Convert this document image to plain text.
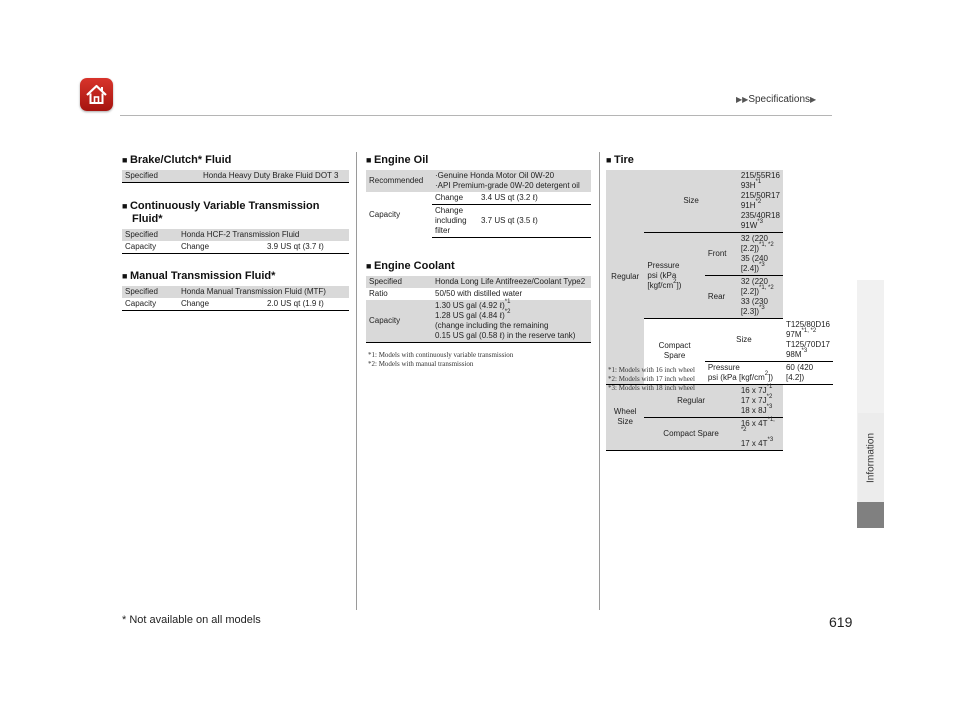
▶▶Specifications▶
Information
■ Brake/Clutch* Fluid
Specified	Honda Heavy Duty Brake Fluid DOT 3
■ Continuously Variable Transmission
Fluid*
Specified	Honda HCF-2 Transmission Fluid	
Capacity	Change	3.9 US qt (3.7 ℓ)
■ Manual Transmission Fluid*
Specified	Honda Manual Transmission Fluid (MTF)	
Capacity	Change	2.0 US qt (1.9 ℓ)
■ Engine Oil
Recommended	·Genuine Honda Motor Oil 0W-20
·API Premium-grade 0W-20 detergent oil	
Capacity	Change	3.4 US qt (3.2 ℓ)
	Change
including
filter	3.7 US qt (3.5 ℓ)
■ Engine Coolant
Specified	Honda Long Life Antifreeze/Coolant Type2
Ratio	50/50 with distilled water
Capacity	1.30 US gal (4.92 ℓ)$^{*1}$
1.28 US gal (4.84 ℓ)$^{*2}$
(change including the remaining
0.15 US gal (0.58 ℓ) in the reserve tank)
*1: Models with continuously variable transmission
*2: Models with manual transmission
■ Tire
Regular	Size		215/55R16 $93H^{*1}$
215/50R17 $91H^{*2}$
235/40R18 $91W^{*3}$
	Pressure
psi (kPa $[kgf/cm^2]$)	Front	32 (220 [2.2])$^{*1, *2}$
35 (240 [2.4])$^{*3}$
		Rear	32 (220 [2.2])$^{*1, *2}$
33 (230 [2.3])$^{*3}$
	Compact
Spare	Size		T125/80D16 $97M^{*1, *2}$
T125/70D17 $98M^{*3}$
		Pressure
psi (kPa $[kgf/cm^2]$)		60 (420 [4.2])
Wheel Size	Regular		16 x $7J^{*1}$
17 x $7J^{*2}$
18 x $8J^{*3}$
	Compact Spare		16 x $4T^{*1, *2}$
17 x $4T^{*3}$
*1: Models with 16 inch wheel
*2: Models with 17 inch wheel
*3: Models with 18 inch wheel
* Not available on all models	619
